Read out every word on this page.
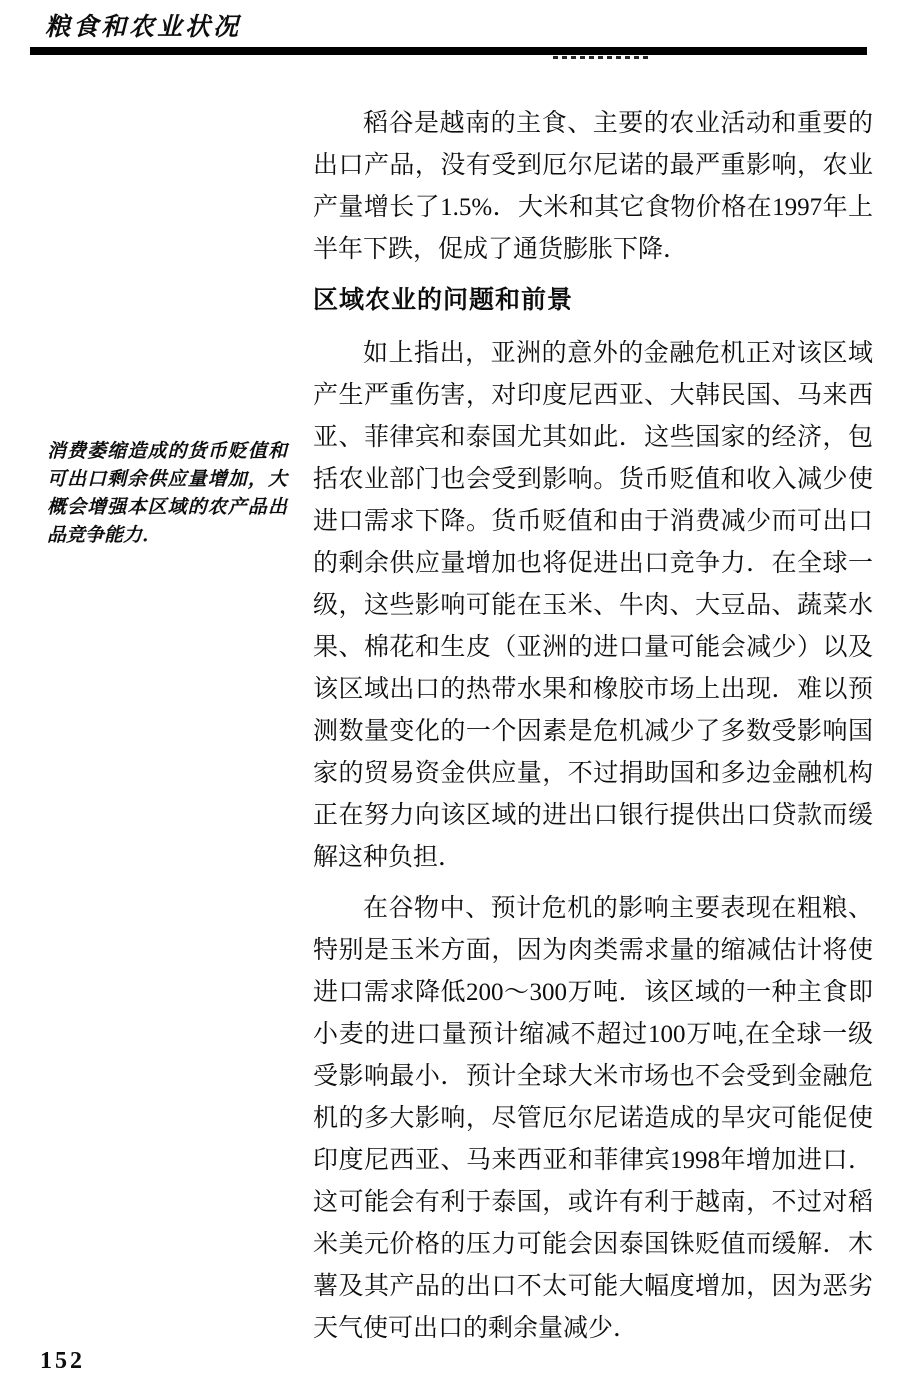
粮食和农业状况
消费萎缩造成的货币贬值和可出口剩余供应量增加，大概会增强本区域的农产品出品竞争能力．

稻谷是越南的主食、主要的农业活动和重要的出口产品，没有受到厄尔尼诺的最严重影响，农业产量增长了1.5%．大米和其它食物价格在1997年上半年下跌，促成了通货膨胀下降．

区域农业的问题和前景

如上指出，亚洲的意外的金融危机正对该区域产生严重伤害，对印度尼西亚、大韩民国、马来西亚、菲律宾和泰国尤其如此．这些国家的经济，包括农业部门也会受到影响。货币贬值和收入减少使进口需求下降。货币贬值和由于消费减少而可出口的剩余供应量增加也将促进出口竞争力．在全球一级，这些影响可能在玉米、牛肉、大豆品、蔬菜水果、棉花和生皮（亚洲的进口量可能会减少）以及该区域出口的热带水果和橡胶市场上出现．难以预测数量变化的一个因素是危机减少了多数受影响国家的贸易资金供应量，不过捐助国和多边金融机构正在努力向该区域的进出口银行提供出口贷款而缓解这种负担．

在谷物中、预计危机的影响主要表现在粗粮、特别是玉米方面，因为肉类需求量的缩减估计将使进口需求降低200～300万吨．该区域的一种主食即小麦的进口量预计缩减不超过100万吨,在全球一级受影响最小．预计全球大米市场也不会受到金融危机的多大影响，尽管厄尔尼诺造成的旱灾可能促使印度尼西亚、马来西亚和菲律宾1998年增加进口．这可能会有利于泰国，或许有利于越南，不过对稻米美元价格的压力可能会因泰国铢贬值而缓解．木薯及其产品的出口不太可能大幅度增加，因为恶劣天气使可出口的剩余量减少．

152
